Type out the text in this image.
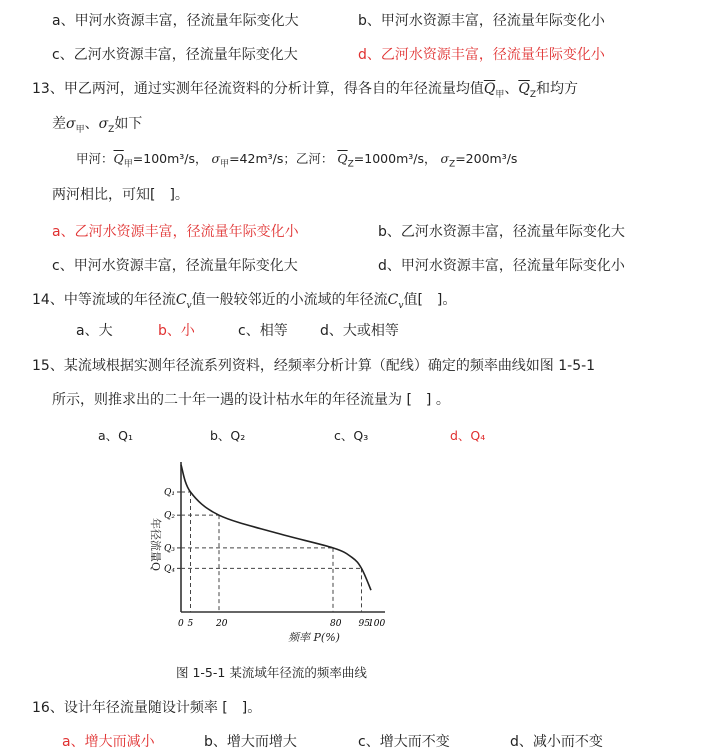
a、甲河水资源丰富，径流量年际变化大	b、甲河水资源丰富，径流量年际变化小
c、乙河水资源丰富，径流量年际变化大	d、乙河水资源丰富，径流量年际变化小
13、甲乙两河，通过实测年径流资料的分析计算，得各自的年径流量均值$\overline{Q}_甲$、$\overline{Q}_Z$和均方
差$\sigma_甲$、$\sigma_Z$如下
甲河：$\overline{Q}_甲=100m^3/s$， $\sigma_甲=42m^3/s$；乙河： $\overline{Q}_Z=1000m^3/s$， $\sigma_Z=200m^3/s$
两河相比，可知[　]。
a、乙河水资源丰富，径流量年际变化小	b、乙河水资源丰富，径流量年际变化大
c、甲河水资源丰富，径流量年际变化大	d、甲河水资源丰富，径流量年际变化小
14、中等流域的年径流$C_v$值一般较邻近的小流域的年径流$C_v$值[　]。
a、大	b、小	c、相等 d、大或相等
15、某流域根据实测年径流系列资料，经频率分析计算（配线）确定的频率曲线如图 1-5-1
所示，则推求出的二十年一遇的设计枯水年的年径流量为 [　] 。
a、Q₁	b、Q₂	c、Q₃	d、Q₄
Q₁
Q₂
Q₃
Q₄
0 5	20	80 95
100
年径流量Q
频率 P(%)
图 1-5-1 某流域年径流的频率曲线
16、设计年径流量随设计频率 [　]。
a、增大而减小	b、增大而增大	c、增大而不变	d、减小而不变
